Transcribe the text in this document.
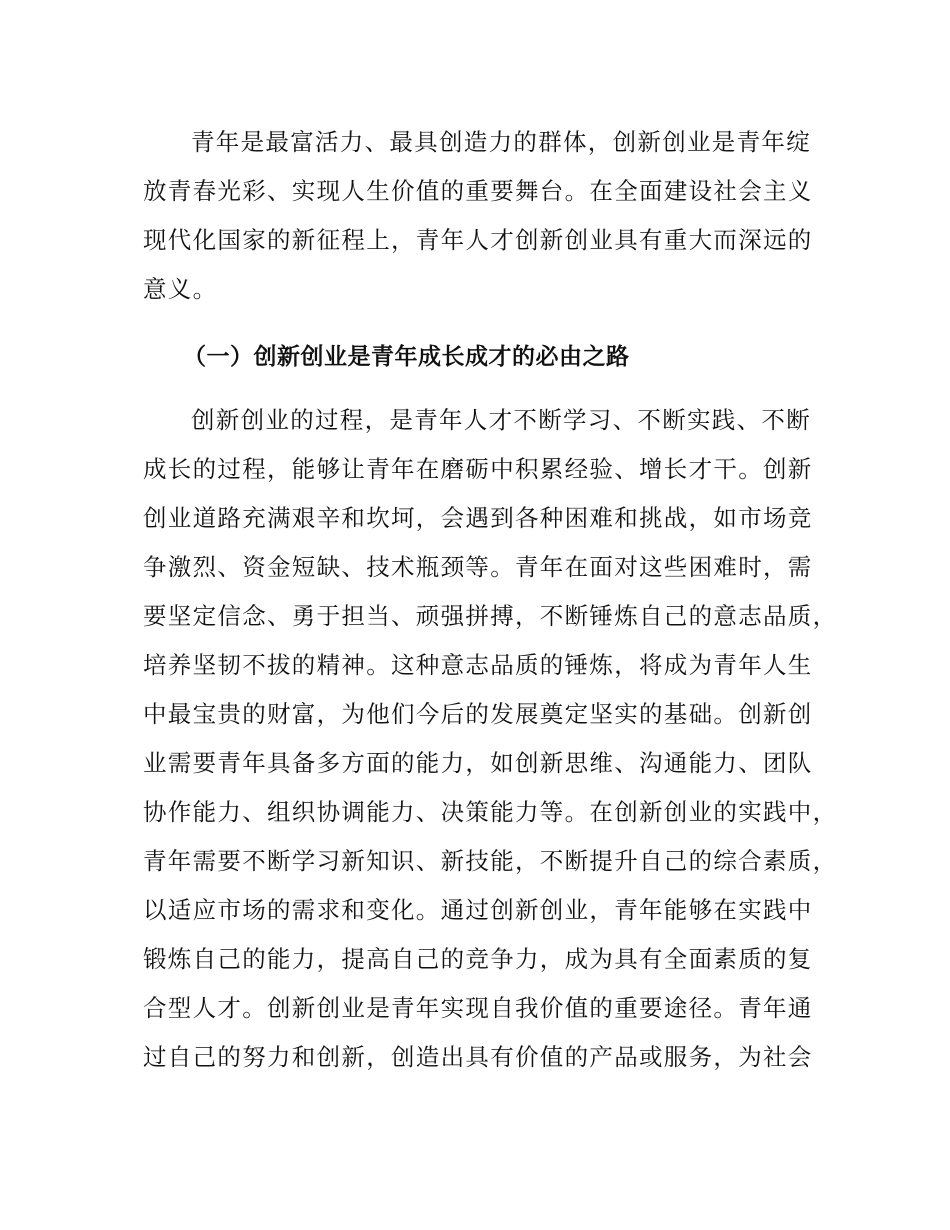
青年是最富活力、最具创造力的群体，创新创业是青年绽
放青春光彩、实现人生价值的重要舞台。在全面建设社会主义
现代化国家的新征程上，青年人才创新创业具有重大而深远的
意义。
（一）创新创业是青年成长成才的必由之路
创新创业的过程，是青年人才不断学习、不断实践、不断
成长的过程，能够让青年在磨砺中积累经验、增长才干。创新
创业道路充满艰辛和坎坷，会遇到各种困难和挑战，如市场竞
争激烈、资金短缺、技术瓶颈等。青年在面对这些困难时，需
要坚定信念、勇于担当、顽强拼搏，不断锤炼自己的意志品质，
培养坚韧不拔的精神。这种意志品质的锤炼，将成为青年人生
中最宝贵的财富，为他们今后的发展奠定坚实的基础。创新创
业需要青年具备多方面的能力，如创新思维、沟通能力、团队
协作能力、组织协调能力、决策能力等。在创新创业的实践中，
青年需要不断学习新知识、新技能，不断提升自己的综合素质，
以适应市场的需求和变化。通过创新创业，青年能够在实践中
锻炼自己的能力，提高自己的竞争力，成为具有全面素质的复
合型人才。创新创业是青年实现自我价值的重要途径。青年通
过自己的努力和创新，创造出具有价值的产品或服务，为社会
